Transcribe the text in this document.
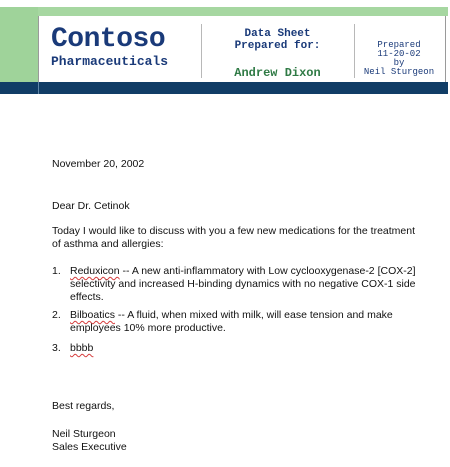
Contoso
Pharmaceuticals
Data Sheet
Prepared for:
Andrew Dixon
Prepared
11-20-02
by
Neil Sturgeon
November 20, 2002
Dear Dr. Cetinok
Today I would like to discuss with you a few new medications for the treatment
of asthma and allergies:
1. Reduxicon -- A new anti-inflammatory with Low cyclooxygenase-2 [COX-2]
selectivity and increased H-binding dynamics with no negative COX-1 side
effects.
2. Bilboatics -- A fluid, when mixed with milk, will ease tension and make
employees 10% more productive.
3. bbbb
Best regards,
Neil Sturgeon
Sales Executive
